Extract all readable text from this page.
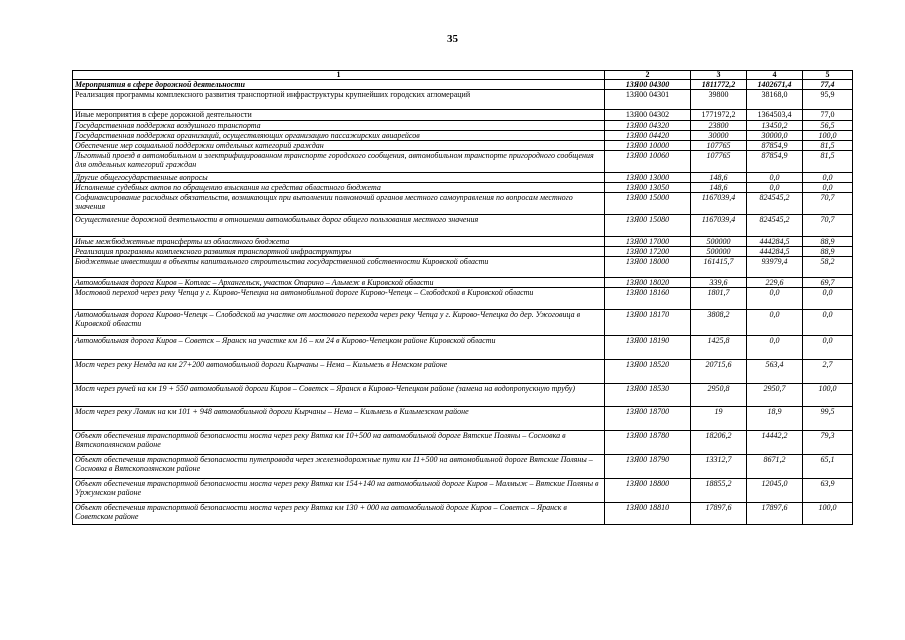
35
1	2	3	4	5
Мероприятия в сфере дорожной деятельности	13Я00 04300	1811772,2	1402671,4	77,4
Реализация программы комплексного развития транспортной инфраструктуры крупнейших городских агломераций	13Я00 04301	39800	38168,0	95,9
Иные мероприятия в сфере дорожной деятельности	13Я00 04302	1771972,2	1364503,4	77,0
Государственная поддержка воздушного транспорта	13Я00 04320	23800	13450,2	56,5
Государственная поддержка организаций, осуществляющих организацию пассажирских авиарейсов	13Я00 04420	30000	30000,0	100,0
Обеспечение мер социальной поддержки отдельных категорий граждан	13Я00 10000	107765	87854,9	81,5
Льготный проезд в автомобильном и электрифицированном транспорте городского сообщения, автомобильном транспорте пригородного сообщения для отдельных категорий граждан	13Я00 10060	107765	87854,9	81,5
Другие общегосударственные вопросы	13Я00 13000	148,6	0,0	0,0
Исполнение судебных актов по обращению взыскания на средства областного бюджета	13Я00 13050	148,6	0,0	0,0
Софинансирование расходных обязательств, возникающих при выполнении полномочий органов местного самоуправления по вопросам местного значения	13Я00 15000	1167039,4	824545,2	70,7
Осуществление дорожной деятельности в отношении автомобильных дорог общего пользования местного значения	13Я00 15080	1167039,4	824545,2	70,7
Иные межбюджетные трансферты из областного бюджета	13Я00 17000	500000	444284,5	88,9
Реализация программы комплексного развития транспортной инфраструктуры	13Я00 17200	500000	444284,5	88,9
Бюджетные инвестиции в объекты капитального строительства государственной собственности Кировской области	13Я00 18000	161415,7	93979,4	58,2
Автомобильная дорога Киров – Котлас – Архангельск, участок Опарино – Альмеж в Кировской области	13Я00 18020	339,6	229,6	69,7
Мостовой переход через реку Чепца у г. Кирово-Чепецка на автомобильной дороге Кирово-Чепецк – Слободской в Кировской области	13Я00 18160	1801,7	0,0	0,0
Автомобильная дорога Кирово-Чепецк – Слободской на участке от мостового перехода через реку Чепца у г. Кирово-Чепецка до дер. Ужоговица в Кировской области	13Я00 18170	3808,2	0,0	0,0
Автомобильная дорога Киров – Советск – Яранск на участке км 16 – км 24 в Кирово-Чепецком районе Кировской области	13Я00 18190	1425,8	0,0	0,0
Мост через реку Немда на км 27+200 автомобильной дороги Кырчаны – Нема – Кильмезь в Немском районе	13Я00 18520	20715,6	563,4	2,7
Мост через ручей на км 19 + 550 автомобильной дороги Киров – Советск – Яранск в Кирово-Чепецком районе (замена на водопропускную трубу)	13Я00 18530	2950,8	2950,7	100,0
Мост через реку Ломик на км 101 + 948 автомобильной дороги Кырчаны – Нема – Кильмезь в Кильмезском районе	13Я00 18700	19	18,9	99,5
Объект обеспечения транспортной безопасности моста через реку Вятка км 10+500 на автомобильной дороге Вятские Поляны – Сосновка в Вятскополянском районе	13Я00 18780	18206,2	14442,2	79,3
Объект обеспечения транспортной безопасности путепровода через железнодорожные пути км 11+500 на автомобильной дороге Вятские Поляны – Сосновка в Вятскополянском районе	13Я00 18790	13312,7	8671,2	65,1
Объект обеспечения транспортной безопасности моста через реку Вятка км 154+140 на автомобильной дороге Киров – Малмыж – Вятские Поляны в Уржумском районе	13Я00 18800	18855,2	12045,0	63,9
Объект обеспечения транспортной безопасности моста через реку Вятка км 130 + 000 на автомобильной дороге Киров – Советск – Яранск в Советском районе	13Я00 18810	17897,6	17897,6	100,0
